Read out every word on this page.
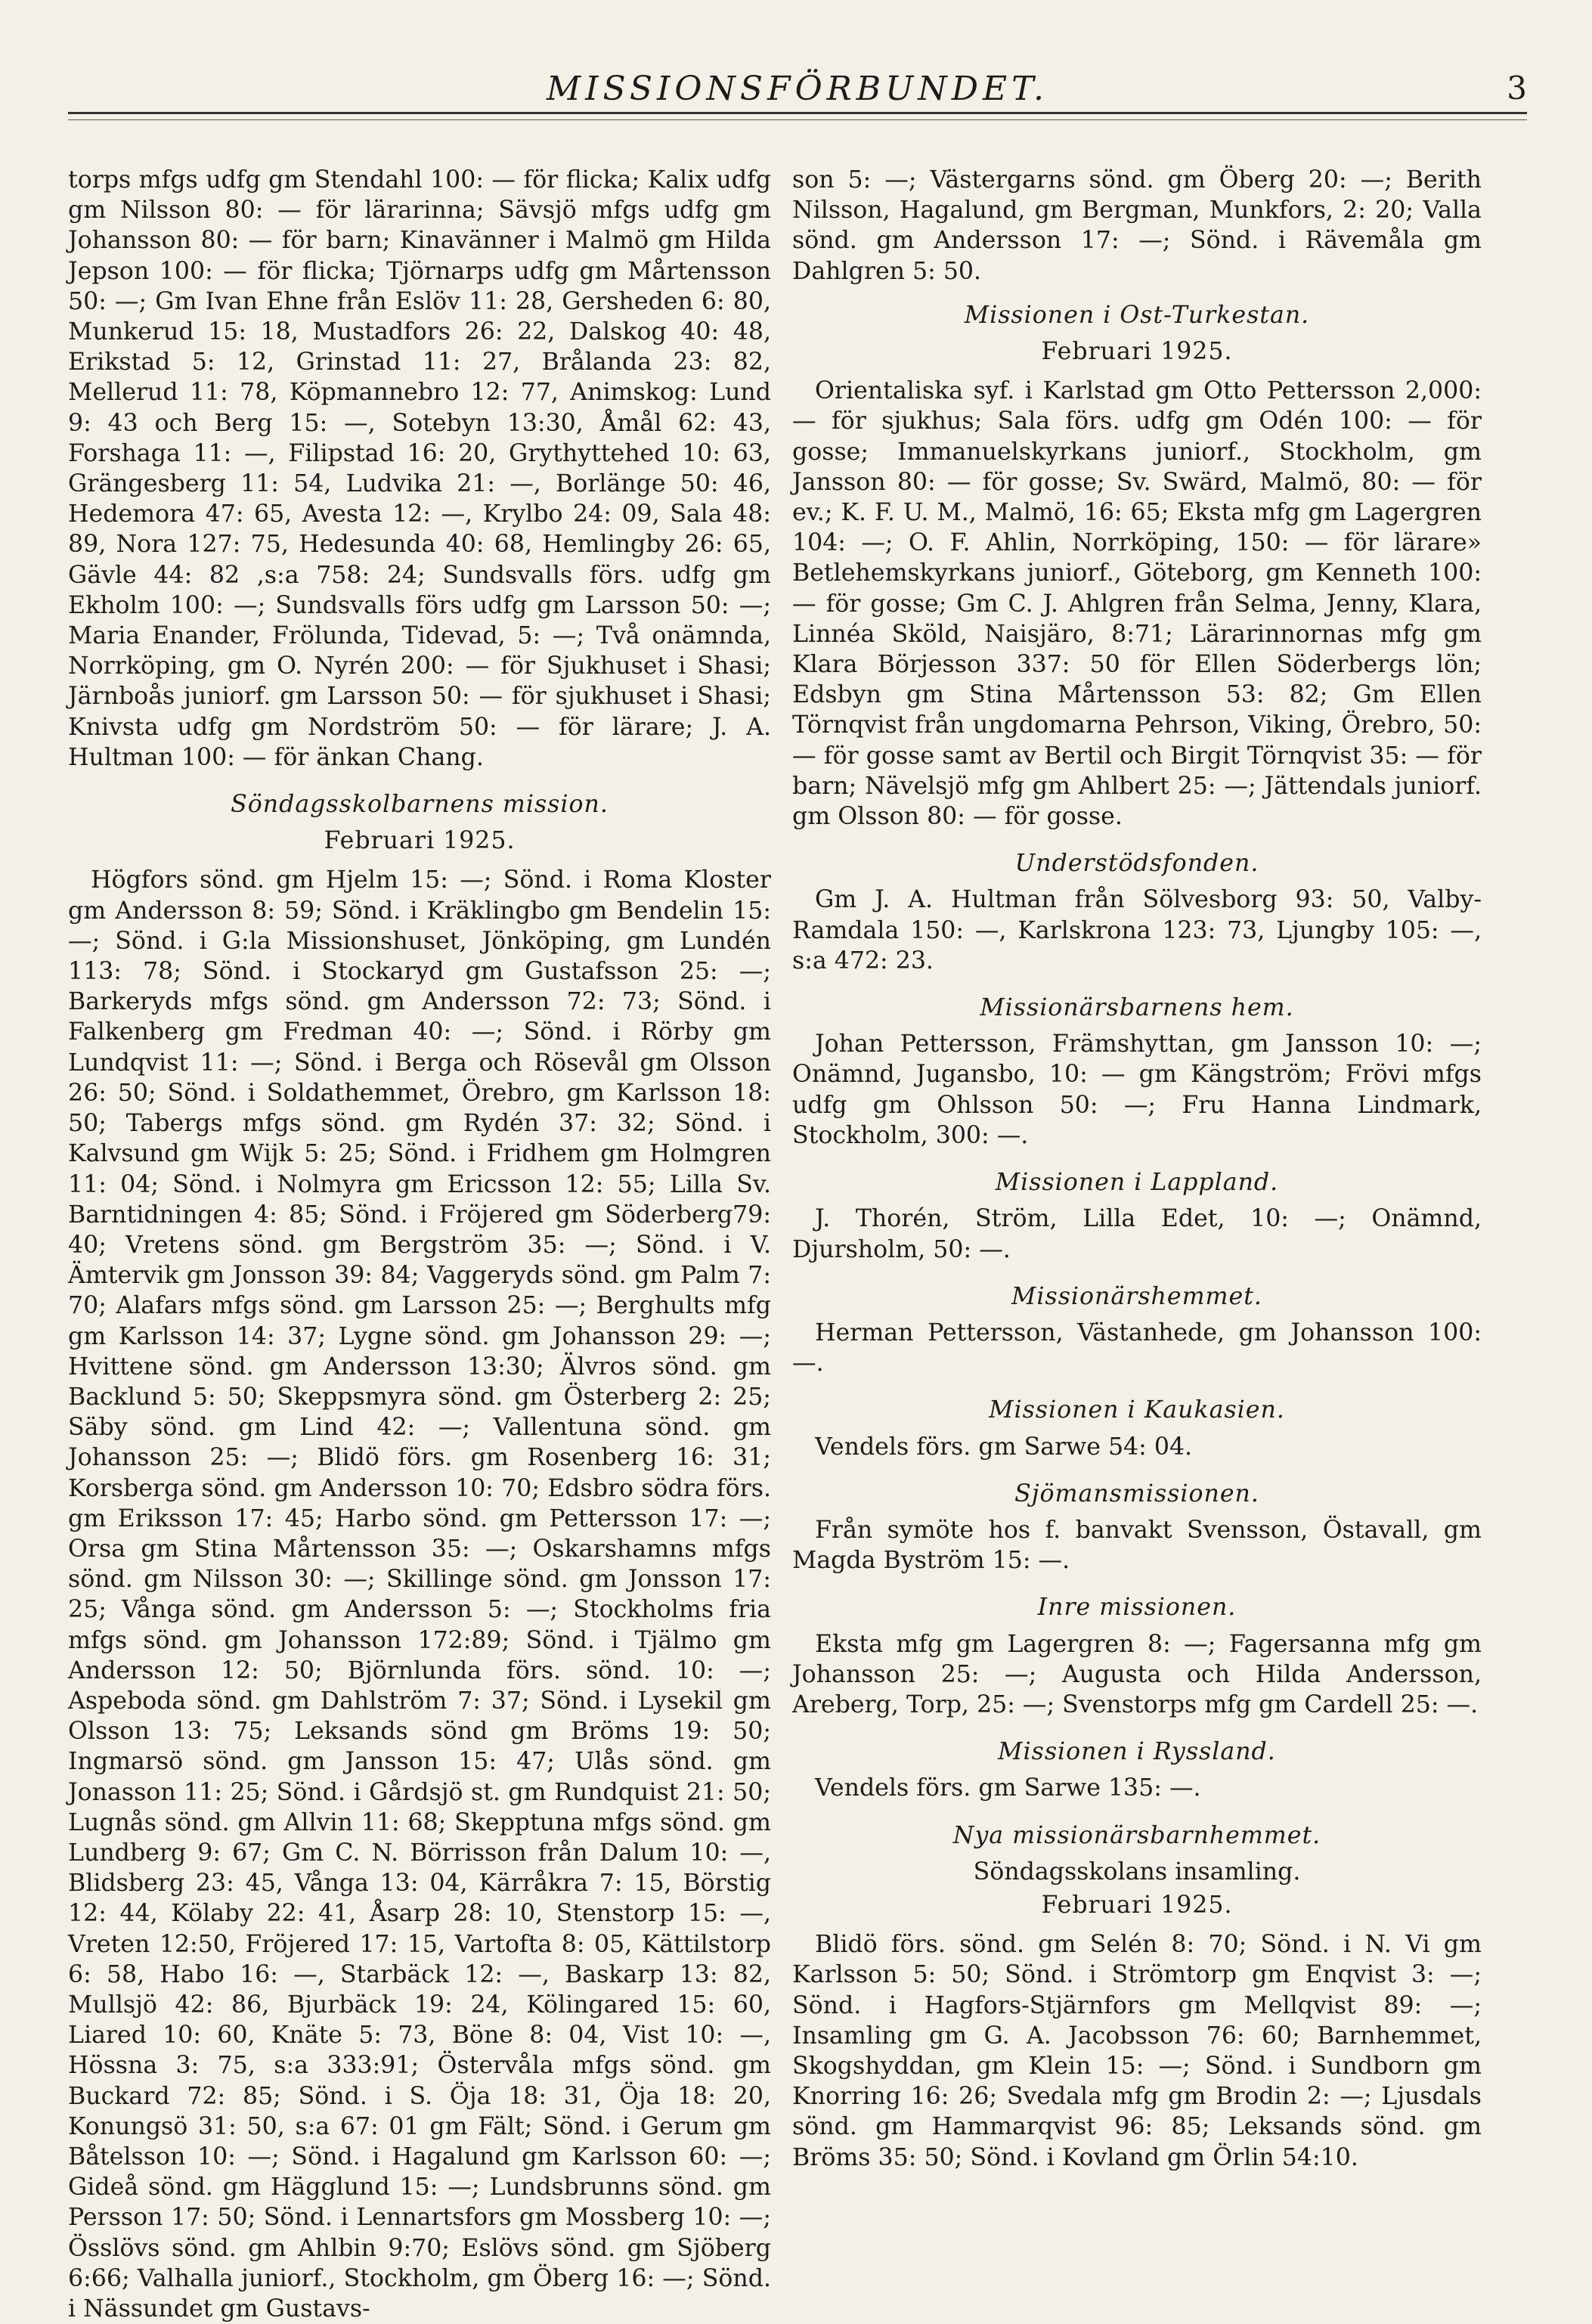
MISSIONSFÖRBUNDET.	3

torps mfgs udfg gm Stendahl 100: — för flicka; Kalix udfg gm Nilsson 80: — för lärarinna; Sävsjö mfgs udfg gm Johansson 80: — för barn; Kinavänner i Malmö gm Hilda Jepson 100: — för flicka; Tjörnarps udfg gm Mårtensson 50: —; Gm Ivan Ehne från Eslöv 11: 28, Gersheden 6: 80, Munkerud 15: 18, Mustadfors 26: 22, Dalskog 40: 48, Erikstad 5: 12, Grinstad 11: 27, Brålanda 23: 82, Mellerud 11: 78, Köpmannebro 12: 77, Animskog: Lund 9: 43 och Berg 15: —, Sotebyn 13:30, Åmål 62: 43, Forshaga 11: —, Filipstad 16: 20, Grythyttehed 10: 63, Grängesberg 11: 54, Ludvika 21: —, Borlänge 50: 46, Hedemora 47: 65, Avesta 12: —, Krylbo 24: 09, Sala 48: 89, Nora 127: 75, Hedesunda 40: 68, Hemlingby 26: 65, Gävle 44: 82 ,s:a 758: 24; Sundsvalls förs. udfg gm Ekholm 100: —; Sundsvalls förs udfg gm Larsson 50: —; Maria Enander, Frölunda, Tidevad, 5: —; Två onämnda, Norrköping, gm O. Nyrén 200: — för Sjukhuset i Shasi; Järnboås juniorf. gm Larsson 50: — för sjukhuset i Shasi; Knivsta udfg gm Nordström 50: — för lärare; J. A. Hultman 100: — för änkan Chang.

Söndagsskolbarnens mission.
Februari 1925.

Högfors sönd. gm Hjelm 15: —; Sönd. i Roma Kloster gm Andersson 8: 59; Sönd. i Kräklingbo gm Bendelin 15: —; Sönd. i G:la Missionshuset, Jönköping, gm Lundén 113: 78; Sönd. i Stockaryd gm Gustafsson 25: —; Barkeryds mfgs sönd. gm Andersson 72: 73; Sönd. i Falkenberg gm Fredman 40: —; Sönd. i Rörby gm Lundqvist 11: —; Sönd. i Berga och Rösevål gm Olsson 26: 50; Sönd. i Soldathemmet, Örebro, gm Karlsson 18: 50; Tabergs mfgs sönd. gm Rydén 37: 32; Sönd. i Kalvsund gm Wijk 5: 25; Sönd. i Fridhem gm Holmgren 11: 04; Sönd. i Nolmyra gm Ericsson 12: 55; Lilla Sv. Barntidningen 4: 85; Sönd. i Fröjered gm Söderberg79: 40; Vretens sönd. gm Bergström 35: —; Sönd. i V. Ämtervik gm Jonsson 39: 84; Vaggeryds sönd. gm Palm 7: 70; Alafars mfgs sönd. gm Larsson 25: —; Berghults mfg gm Karlsson 14: 37; Lygne sönd. gm Johansson 29: —; Hvittene sönd. gm Andersson 13:30; Älvros sönd. gm Backlund 5: 50; Skeppsmyra sönd. gm Österberg 2: 25; Säby sönd. gm Lind 42: —; Vallentuna sönd. gm Johansson 25: —; Blidö förs. gm Rosenberg 16: 31; Korsberga sönd. gm Andersson 10: 70; Edsbro södra förs. gm Eriksson 17: 45; Harbo sönd. gm Pettersson 17: —; Orsa gm Stina Mårtensson 35: —; Oskarshamns mfgs sönd. gm Nilsson 30: —; Skillinge sönd. gm Jonsson 17: 25; Vånga sönd. gm Andersson 5: —; Stockholms fria mfgs sönd. gm Johansson 172:89; Sönd. i Tjälmo gm Andersson 12: 50; Björnlunda förs. sönd. 10: —; Aspeboda sönd. gm Dahlström 7: 37; Sönd. i Lysekil gm Olsson 13: 75; Leksands sönd gm Bröms 19: 50; Ingmarsö sönd. gm Jansson 15: 47; Ulås sönd. gm Jonasson 11: 25; Sönd. i Gårdsjö st. gm Rundquist 21: 50; Lugnås sönd. gm Allvin 11: 68; Skepptuna mfgs sönd. gm Lundberg 9: 67; Gm C. N. Börrisson från Dalum 10: —, Blidsberg 23: 45, Vånga 13: 04, Kärråkra 7: 15, Börstig 12: 44, Kölaby 22: 41, Åsarp 28: 10, Stenstorp 15: —, Vreten 12:50, Fröjered 17: 15, Vartofta 8: 05, Kättilstorp 6: 58, Habo 16: —, Starbäck 12: —, Baskarp 13: 82, Mullsjö 42: 86, Bjurbäck 19: 24, Kölingared 15: 60, Liared 10: 60, Knäte 5: 73, Böne 8: 04, Vist 10: —, Hössna 3: 75, s:a 333:91; Östervåla mfgs sönd. gm Buckard 72: 85; Sönd. i S. Öja 18: 31, Öja 18: 20, Konungsö 31: 50, s:a 67: 01 gm Fält; Sönd. i Gerum gm Båtelsson 10: —; Sönd. i Hagalund gm Karlsson 60: —; Gideå sönd. gm Hägglund 15: —; Lundsbrunns sönd. gm Persson 17: 50; Sönd. i Lennartsfors gm Mossberg 10: —; Össlövs sönd. gm Ahlbin 9:70; Eslövs sönd. gm Sjöberg 6:66; Valhalla juniorf., Stockholm, gm Öberg 16: —; Sönd. i Nässundet gm Gustavs-

son 5: —; Västergarns sönd. gm Öberg 20: —; Berith Nilsson, Hagalund, gm Bergman, Munkfors, 2: 20; Valla sönd. gm Andersson 17: —; Sönd. i Rävemåla gm Dahlgren 5: 50.

Missionen i Ost-Turkestan.
Februari 1925.

Orientaliska syf. i Karlstad gm Otto Pettersson 2,000: — för sjukhus; Sala förs. udfg gm Odén 100: — för gosse; Immanuelskyrkans juniorf., Stockholm, gm Jansson 80: — för gosse; Sv. Swärd, Malmö, 80: — för ev.; K. F. U. M., Malmö, 16: 65; Ekstа mfg gm Lagergren 104: —; O. F. Ahlin, Norrköping, 150: — för lärare» Betlehemskyrkans juniorf., Göteborg, gm Kenneth 100: — för gosse; Gm C. J. Ahlgren från Selma, Jenny, Klara, Linnéa Sköld, Naisjäro, 8:71; Lärarinnornas mfg gm Klara Börjesson 337: 50 för Ellen Söderbergs lön; Edsbyn gm Stina Mårtensson 53: 82; Gm Ellen Törnqvist från ungdomarna Pehrson, Viking, Örebro, 50: — för gosse samt av Bertil och Birgit Törnqvist 35: — för barn; Nävelsjö mfg gm Ahlbert 25: —; Jättendals juniorf. gm Olsson 80: — för gosse.

Understödsfonden.

Gm J. A. Hultman från Sölvesborg 93: 50, Valby-Ramdala 150: —, Karlskrona 123: 73, Ljungby 105: —, s:a 472: 23.

Missionärsbarnens hem.

Johan Pettersson, Främshyttan, gm Jansson 10: —; Onämnd, Jugansbo, 10: — gm Kängström; Frövi mfgs udfg gm Ohlsson 50: —; Fru Hanna Lindmark, Stockholm, 300: —.

Missionen i Lappland.

J. Thorén, Ström, Lilla Edet, 10: —; Onämnd, Djursholm, 50: —.

Missionärshemmet.

Herman Pettersson, Västanhede, gm Johansson 100: —.

Missionen i Kaukasien.

Vendels förs. gm Sarwe 54: 04.

Sjömansmissionen.

Från symöte hos f. banvakt Svensson, Östavall, gm Magda Byström 15: —.

Inre missionen.

Eksta mfg gm Lagergren 8: —; Fagersanna mfg gm Johansson 25: —; Augusta och Hilda Andersson, Areberg, Torp, 25: —; Svenstorps mfg gm Cardell 25: —.

Missionen i Ryssland.

Vendels förs. gm Sarwe 135: —.

Nya missionärsbarnhemmet.
Söndagsskolans insamling.
Februari 1925.

Blidö förs. sönd. gm Selén 8: 70; Sönd. i N. Vi gm Karlsson 5: 50; Sönd. i Strömtorp gm Enqvist 3: —; Sönd. i Hagfors-Stjärnfors gm Mellqvist 89: —; Insamling gm G. A. Jacobsson 76: 60; Barnhemmet, Skogshyddan, gm Klein 15: —; Sönd. i Sundborn gm Knorring 16: 26; Svedala mfg gm Brodin 2: —; Ljusdals sönd. gm Hammarqvist 96: 85; Leksands sönd. gm Bröms 35: 50; Sönd. i Kovland gm Örlin 54:10.
